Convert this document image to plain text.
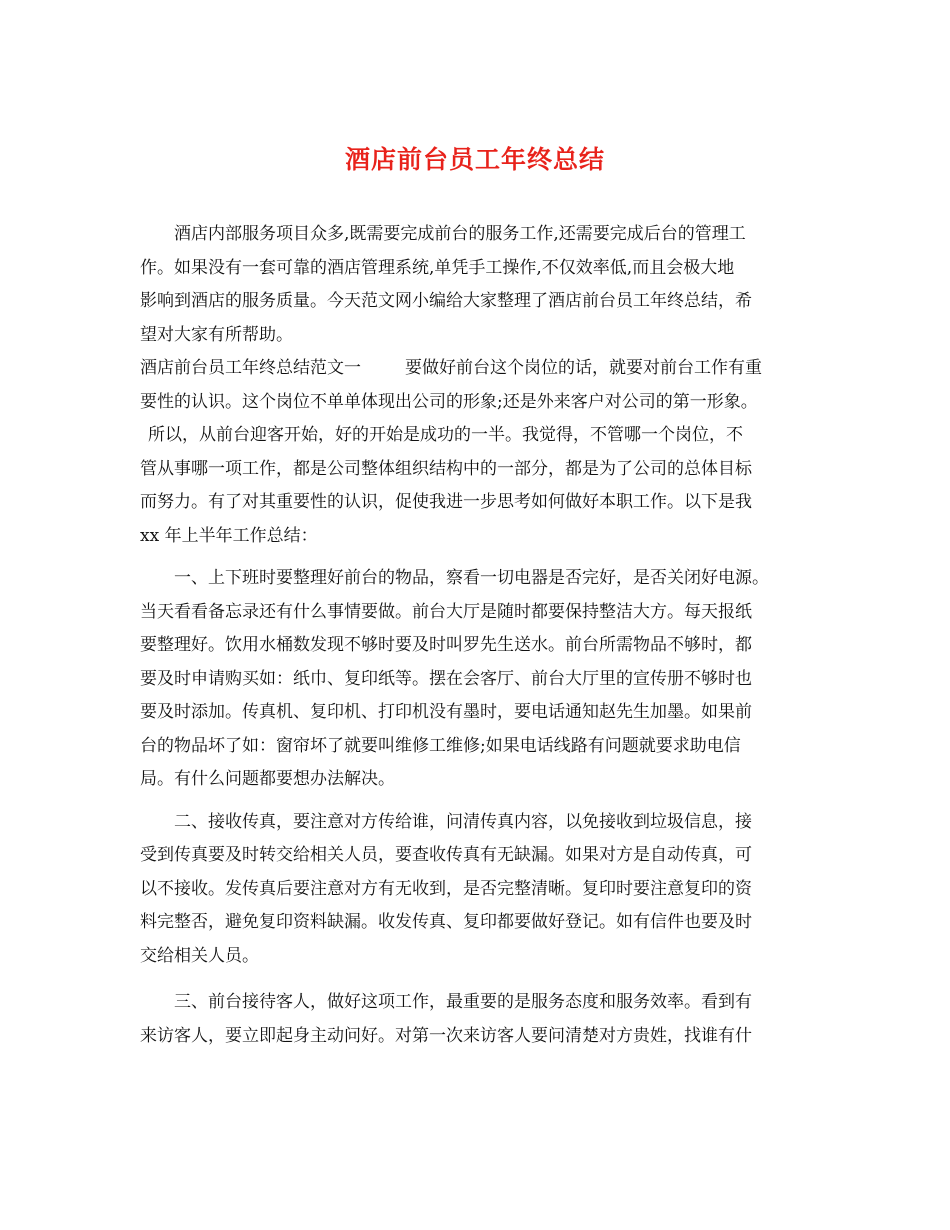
酒店前台员工年终总结
酒店内部服务项目众多,既需要完成前台的服务工作,还需要完成后台的管理工
作。如果没有一套可靠的酒店管理系统,单凭手工操作,不仅效率低,而且会极大地
影响到酒店的服务质量。今天范文网小编给大家整理了酒店前台员工年终总结，希
望对大家有所帮助。
酒店前台员工年终总结范文一	要做好前台这个岗位的话，就要对前台工作有重
要性的认识。这个岗位不单单体现出公司的形象;还是外来客户对公司的第一形象。
所以，从前台迎客开始，好的开始是成功的一半。我觉得，不管哪一个岗位，不
管从事哪一项工作，都是公司整体组织结构中的一部分，都是为了公司的总体目标
而努力。有了对其重要性的认识，促使我进一步思考如何做好本职工作。以下是我
xx 年上半年工作总结：
一、上下班时要整理好前台的物品，察看一切电器是否完好，是否关闭好电源。
当天看看备忘录还有什么事情要做。前台大厅是随时都要保持整洁大方。每天报纸
要整理好。饮用水桶数发现不够时要及时叫罗先生送水。前台所需物品不够时，都
要及时申请购买如：纸巾、复印纸等。摆在会客厅、前台大厅里的宣传册不够时也
要及时添加。传真机、复印机、打印机没有墨时，要电话通知赵先生加墨。如果前
台的物品坏了如：窗帘坏了就要叫维修工维修;如果电话线路有问题就要求助电信
局。有什么问题都要想办法解决。
二、接收传真，要注意对方传给谁，问清传真内容，以免接收到垃圾信息，接
受到传真要及时转交给相关人员，要查收传真有无缺漏。如果对方是自动传真，可
以不接收。发传真后要注意对方有无收到，是否完整清晰。复印时要注意复印的资
料完整否，避免复印资料缺漏。收发传真、复印都要做好登记。如有信件也要及时
交给相关人员。
三、前台接待客人，做好这项工作，最重要的是服务态度和服务效率。看到有
来访客人，要立即起身主动问好。对第一次来访客人要问清楚对方贵姓，找谁有什
